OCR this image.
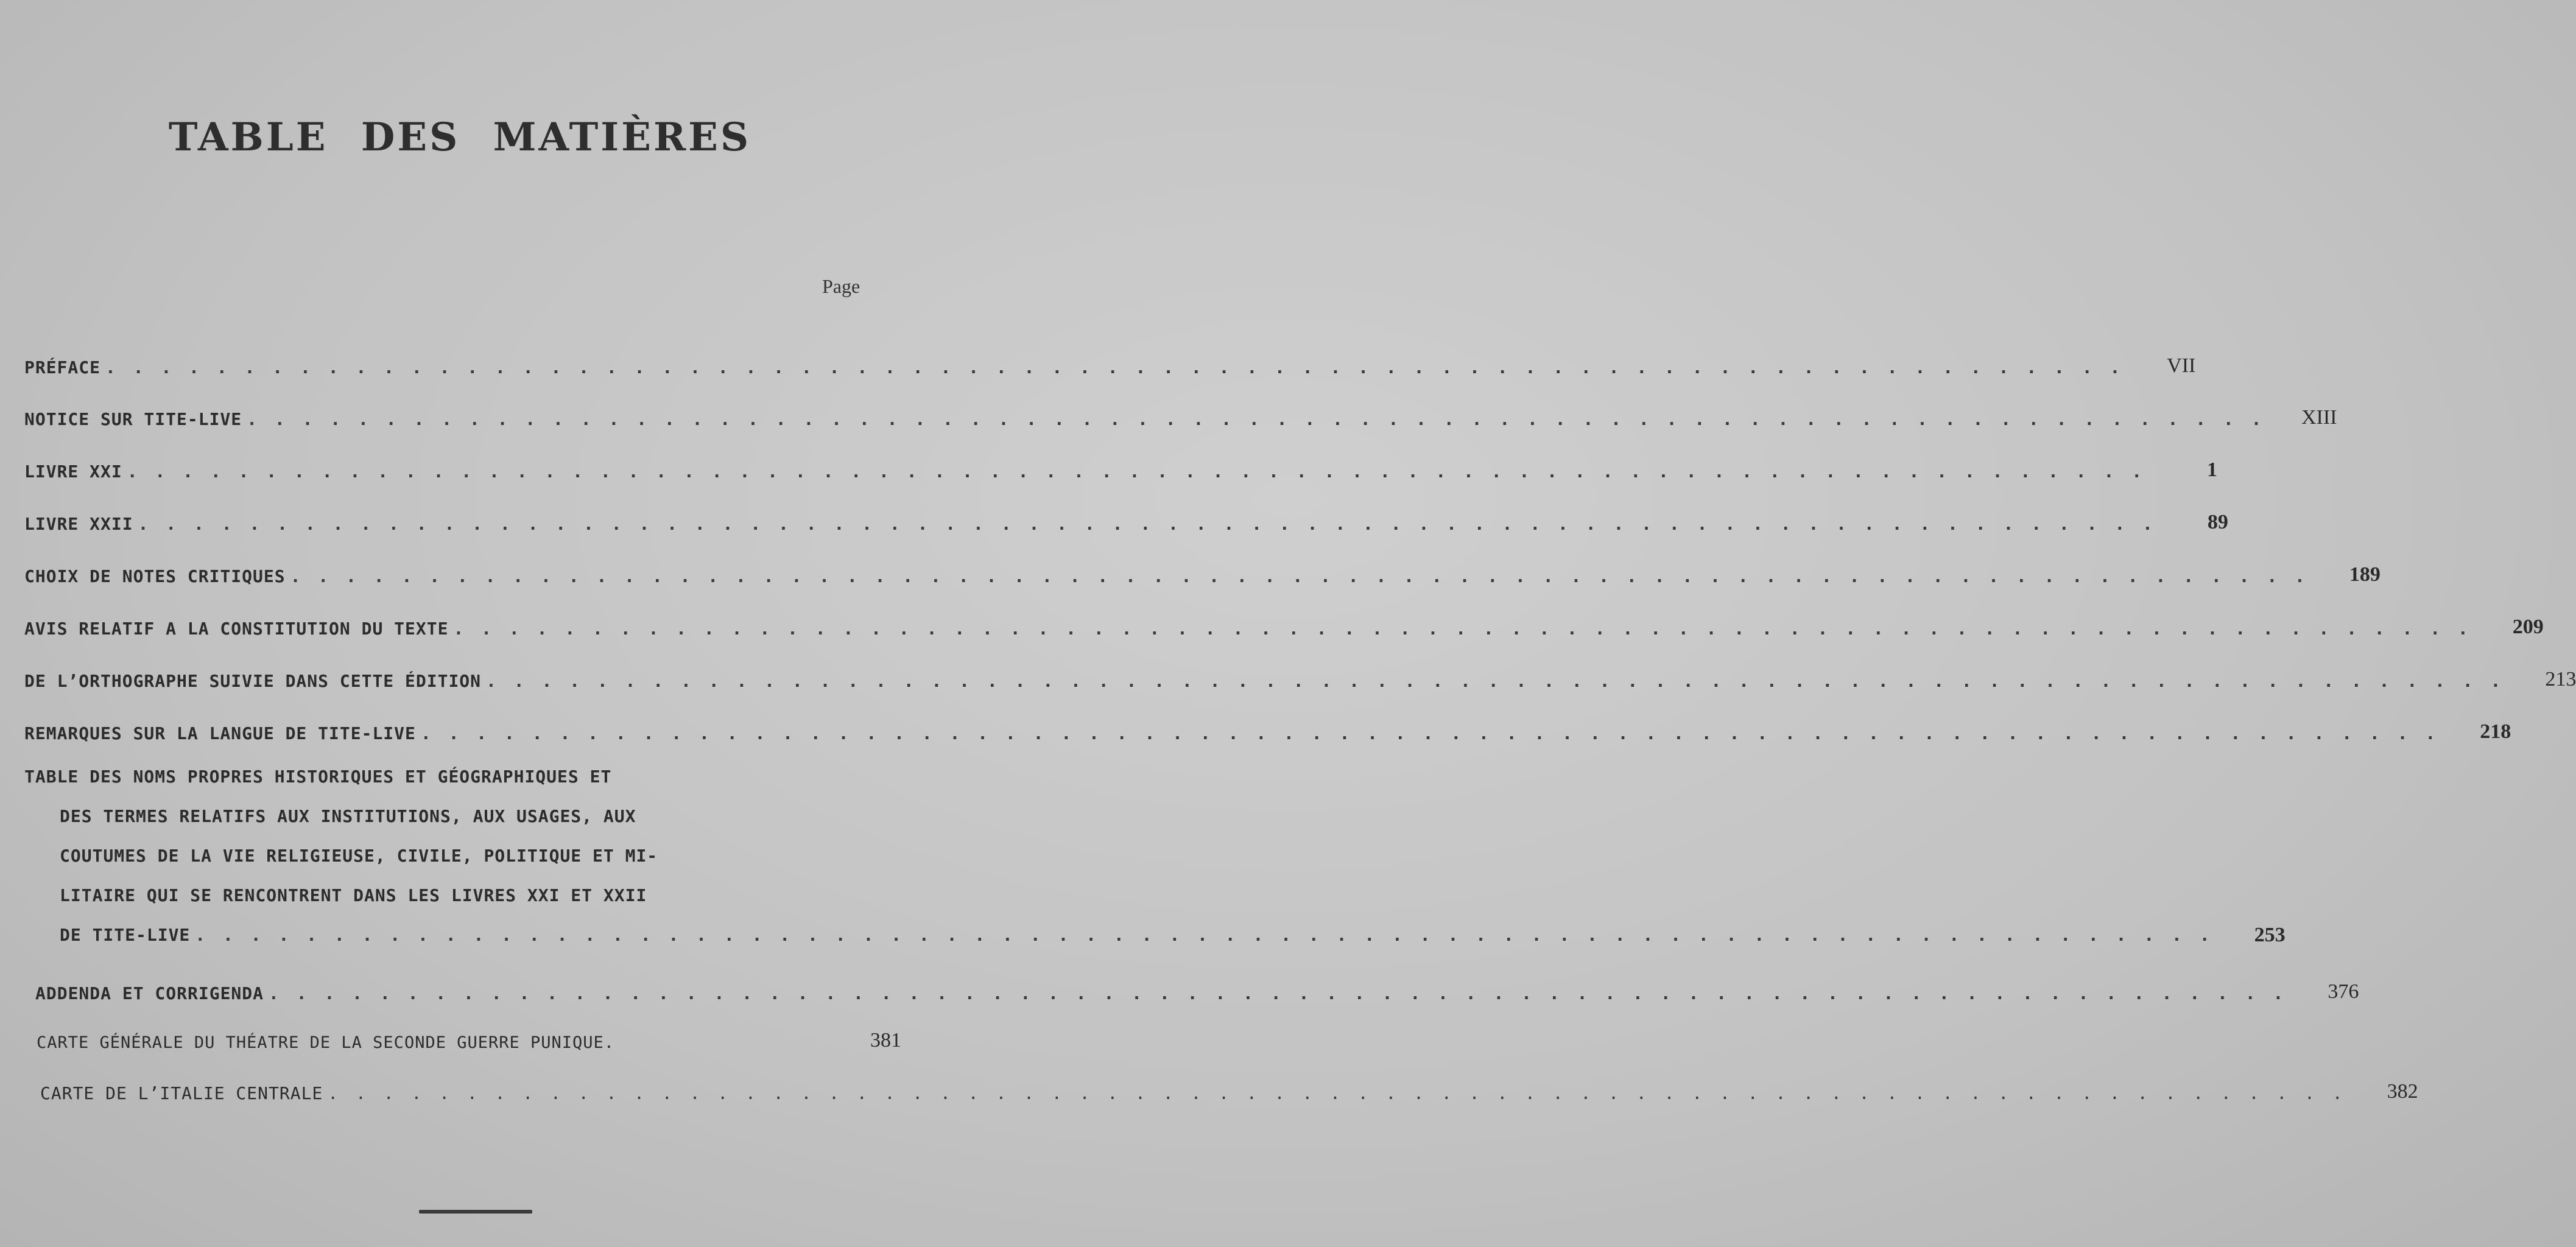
TABLE DES MATIÈRES
Page
PRÉFACE . . . . . . . . . . . . . . . . . . . . . . . . . . . . . . . . . . . . . . . . . . . . . . . . . . . . . . . . . . . . . . . . . . . . . . . . .	VII
NOTICE SUR TITE-LIVE . . . . . . . . . . . . . . . . . . . . . . . . . . . . . . . . . . . . . . . . . . . . . . . . . . . . . . . . . . . . . . . . . . . . . . . . .	XIII
LIVRE XXI . . . . . . . . . . . . . . . . . . . . . . . . . . . . . . . . . . . . . . . . . . . . . . . . . . . . . . . . . . . . . . . . . . . . . . . . .	1
LIVRE XXII . . . . . . . . . . . . . . . . . . . . . . . . . . . . . . . . . . . . . . . . . . . . . . . . . . . . . . . . . . . . . . . . . . . . . . . . .	89
CHOIX DE NOTES CRITIQUES . . . . . . . . . . . . . . . . . . . . . . . . . . . . . . . . . . . . . . . . . . . . . . . . . . . . . . . . . . . . . . . . . . . . . . . . .	189
AVIS RELATIF A LA CONSTITUTION DU TEXTE . . . . . . . . . . . . . . . . . . . . . . . . . . . . . . . . . . . . . . . . . . . . . . . . . . . . . . . . . . . . . . . . . . . . . . . . .	209
DE L’ORTHOGRAPHE SUIVIE DANS CETTE ÉDITION . . . . . . . . . . . . . . . . . . . . . . . . . . . . . . . . . . . . . . . . . . . . . . . . . . . . . . . . . . . . . . . . . . . . . . . . .	213
REMARQUES SUR LA LANGUE DE TITE-LIVE . . . . . . . . . . . . . . . . . . . . . . . . . . . . . . . . . . . . . . . . . . . . . . . . . . . . . . . . . . . . . . . . . . . . . . . . .	218
TABLE DES NOMS PROPRES HISTORIQUES ET GÉOGRAPHIQUES ET
DES TERMES RELATIFS AUX INSTITUTIONS, AUX USAGES, AUX
COUTUMES DE LA VIE RELIGIEUSE, CIVILE, POLITIQUE ET MI-
LITAIRE QUI SE RENCONTRENT DANS LES LIVRES XXI ET XXII
DE TITE-LIVE . . . . . . . . . . . . . . . . . . . . . . . . . . . . . . . . . . . . . . . . . . . . . . . . . . . . . . . . . . . . . . . . . . . . . . . . .	253
ADDENDA ET CORRIGENDA . . . . . . . . . . . . . . . . . . . . . . . . . . . . . . . . . . . . . . . . . . . . . . . . . . . . . . . . . . . . . . . . . . . . . . . . .	376
CARTE GÉNÉRALE DU THÉATRE DE LA SECONDE GUERRE PUNIQUE.	381
CARTE DE L’ITALIE CENTRALE . . . . . . . . . . . . . . . . . . . . . . . . . . . . . . . . . . . . . . . . . . . . . . . . . . . . . . . . . . . . . . . . . . . . . . . . .	382
